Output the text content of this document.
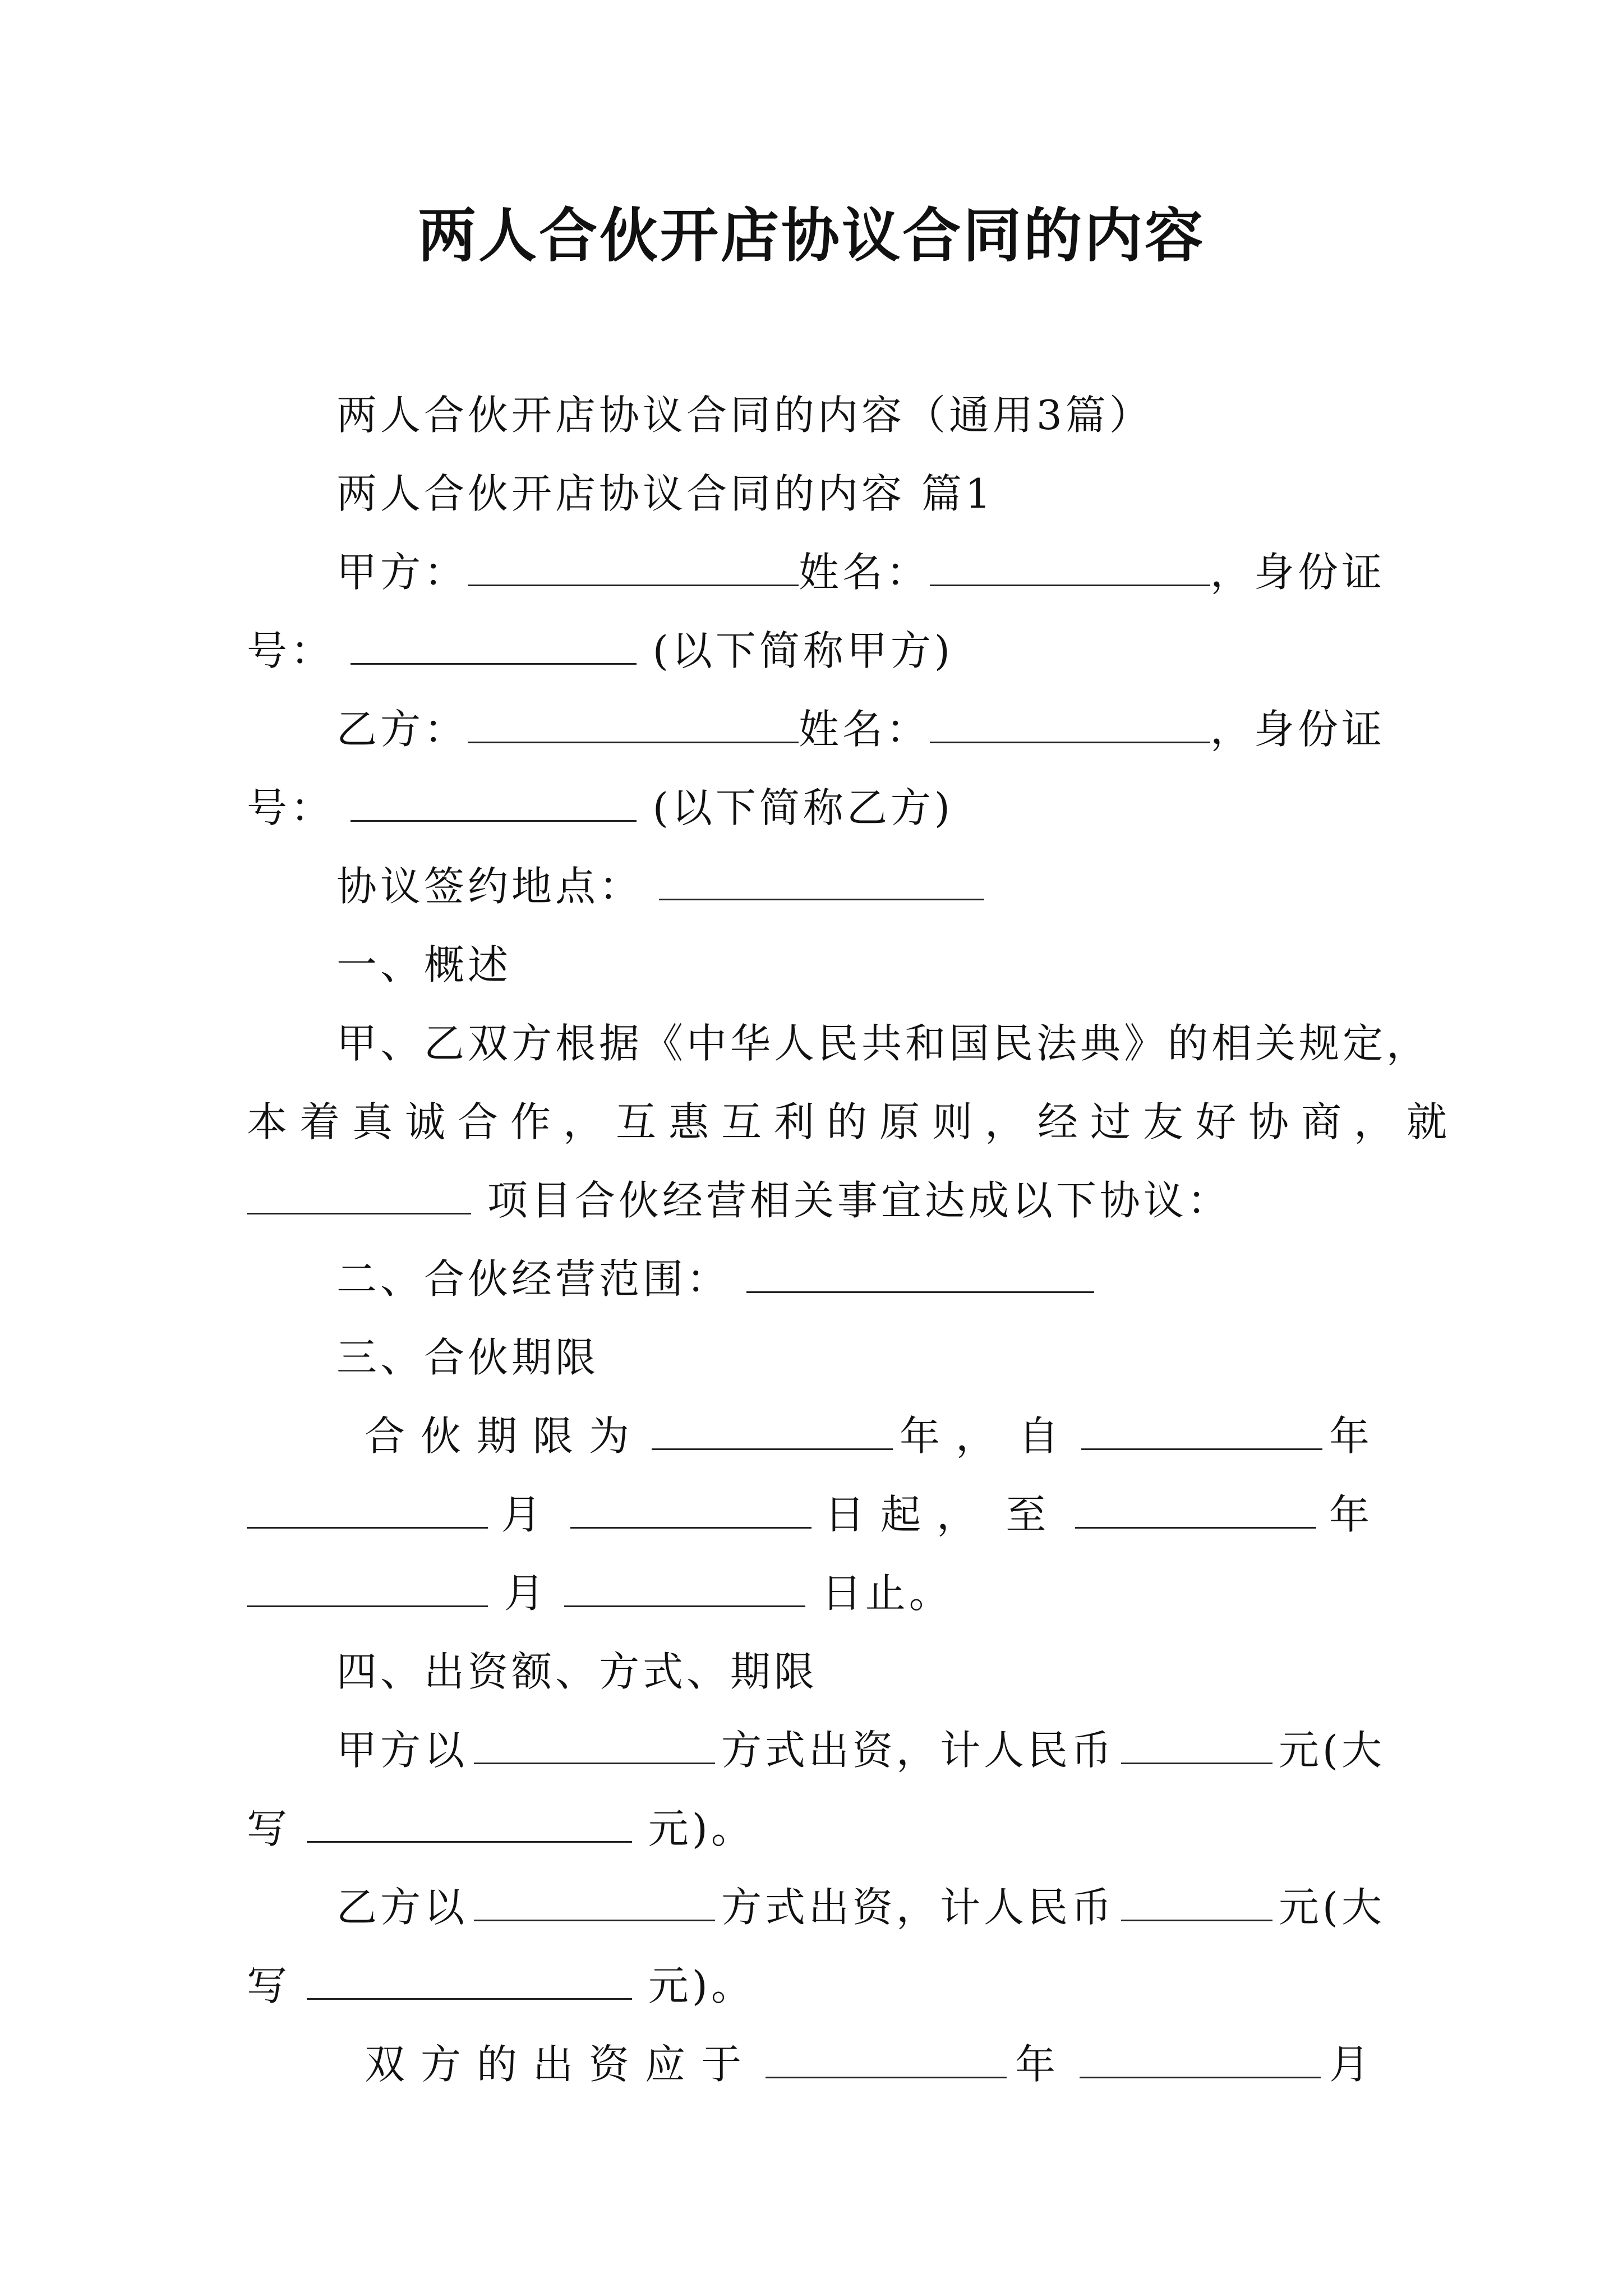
两人合伙开店协议合同的内容
两人合伙开店协议合同的内容（通用3篇）
两人合伙开店协议合同的内容 篇1
甲方：	姓名：	，身份证
号：	(以下简称甲方)
乙方：	姓名：	，身份证
号：	(以下简称乙方)
协议签约地点：
一、概述
甲、乙双方根据《中华人民共和国民法典》的相关规定，
本着真诚合作，互惠互利的原则，经过友好协商，就
项目合伙经营相关事宜达成以下协议：
二、合伙经营范围：
三、合伙期限
合伙期限为	年， 自	年
月	日起， 至	年
月	日止。
四、出资额、方式、期限
甲方以	方式出资，计人民币	元(大
写	元)。
乙方以	方式出资，计人民币	元(大
写	元)。
双方的出资应于	年	月
